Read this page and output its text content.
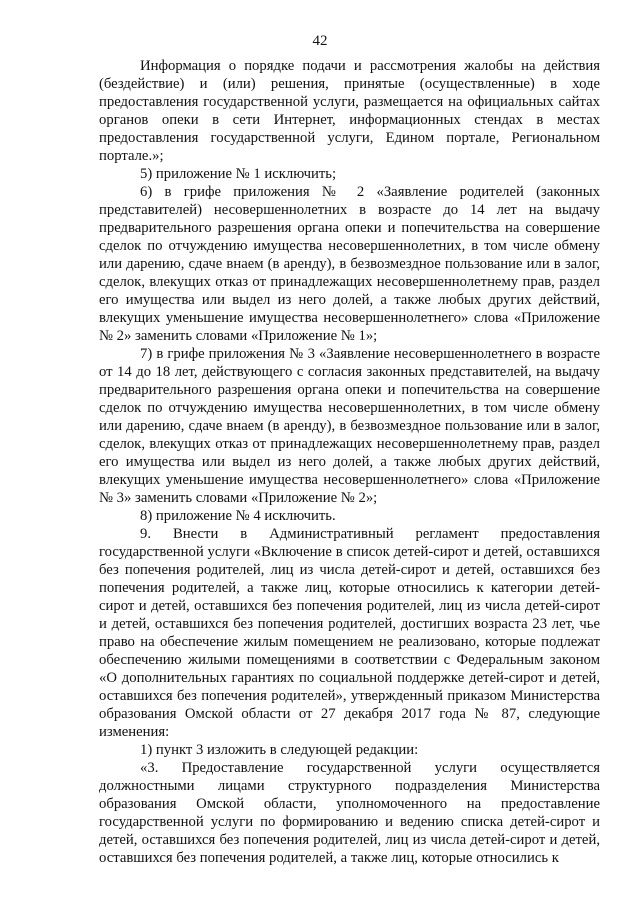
42

Информация о порядке подачи и рассмотрения жалобы на действия (бездействие) и (или) решения, принятые (осуществленные) в ходе предоставления государственной услуги, размещается на официальных сайтах органов опеки в сети Интернет, информационных стендах в местах предоставления государственной услуги, Едином портале, Региональном портале.»;

5) приложение № 1 исключить;

6) в грифе приложения № 2 «Заявление родителей (законных представителей) несовершеннолетних в возрасте до 14 лет на выдачу предварительного разрешения органа опеки и попечительства на совершение сделок по отчуждению имущества несовершеннолетних, в том числе обмену или дарению, сдаче внаем (в аренду), в безвозмездное пользование или в залог, сделок, влекущих отказ от принадлежащих несовершеннолетнему прав, раздел его имущества или выдел из него долей, а также любых других действий, влекущих уменьшение имущества несовершеннолетнего» слова «Приложение № 2» заменить словами «Приложение № 1»;

7) в грифе приложения № 3 «Заявление несовершеннолетнего в возрасте от 14 до 18 лет, действующего с согласия законных представителей, на выдачу предварительного разрешения органа опеки и попечительства на совершение сделок по отчуждению имущества несовершеннолетних, в том числе обмену или дарению, сдаче внаем (в аренду), в безвозмездное пользование или в залог, сделок, влекущих отказ от принадлежащих несовершеннолетнему прав, раздел его имущества или выдел из него долей, а также любых других действий, влекущих уменьшение имущества несовершеннолетнего» слова «Приложение № 3» заменить словами «Приложение № 2»;

8) приложение № 4 исключить.

9. Внести в Административный регламент предоставления государственной услуги «Включение в список детей-сирот и детей, оставшихся без попечения родителей, лиц из числа детей-сирот и детей, оставшихся без попечения родителей, а также лиц, которые относились к категории детей-сирот и детей, оставшихся без попечения родителей, лиц из числа детей-сирот и детей, оставшихся без попечения родителей, достигших возраста 23 лет, чье право на обеспечение жилым помещением не реализовано, которые подлежат обеспечению жилыми помещениями в соответствии с Федеральным законом «О дополнительных гарантиях по социальной поддержке детей-сирот и детей, оставшихся без попечения родителей», утвержденный приказом Министерства образования Омской области от 27 декабря 2017 года № 87, следующие изменения:

1) пункт 3 изложить в следующей редакции:

«3. Предоставление государственной услуги осуществляется должностными лицами структурного подразделения Министерства образования Омской области, уполномоченного на предоставление государственной услуги по формированию и ведению списка детей-сирот и детей, оставшихся без попечения родителей, лиц из числа детей-сирот и детей, оставшихся без попечения родителей, а также лиц, которые относились к
